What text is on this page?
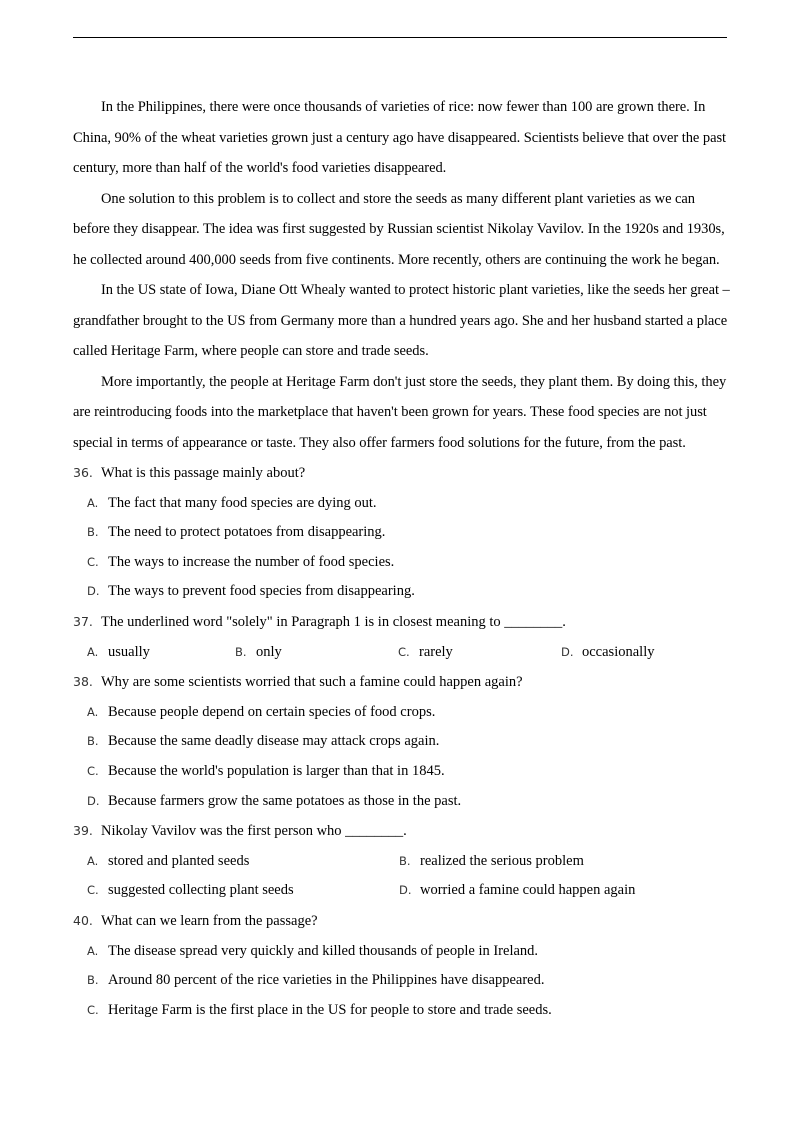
In the Philippines, there were once thousands of varieties of rice: now fewer than 100 are grown there. In China, 90% of the wheat varieties grown just a century ago have disappeared. Scientists believe that over the past century, more than half of the world's food varieties disappeared.

One solution to this problem is to collect and store the seeds as many different plant varieties as we can before they disappear. The idea was first suggested by Russian scientist Nikolay Vavilov. In the 1920s and 1930s, he collected around 400,000 seeds from five continents. More recently, others are continuing the work he began.

In the US state of Iowa, Diane Ott Whealy wanted to protect historic plant varieties, like the seeds her great – grandfather brought to the US from Germany more than a hundred years ago. She and her husband started a place called Heritage Farm, where people can store and trade seeds.

More importantly, the people at Heritage Farm don't just store the seeds, they plant them. By doing this, they are reintroducing foods into the marketplace that haven't been grown for years. These food species are not just special in terms of appearance or taste. They also offer farmers food solutions for the future, from the past.

36. What is this passage mainly about?
A. The fact that many food species are dying out.
B. The need to protect potatoes from disappearing.
C. The ways to increase the number of food species.
D. The ways to prevent food species from disappearing.
37. The underlined word "solely" in Paragraph 1 is in closest meaning to ________.
A. usually	B. only	C. rarely	D. occasionally
38. Why are some scientists worried that such a famine could happen again?
A. Because people depend on certain species of food crops.
B. Because the same deadly disease may attack crops again.
C. Because the world's population is larger than that in 1845.
D. Because farmers grow the same potatoes as those in the past.
39. Nikolay Vavilov was the first person who ________.
A. stored and planted seeds	B. realized the serious problem
C. suggested collecting plant seeds	D. worried a famine could happen again
40. What can we learn from the passage?
A. The disease spread very quickly and killed thousands of people in Ireland.
B. Around 80 percent of the rice varieties in the Philippines have disappeared.
C. Heritage Farm is the first place in the US for people to store and trade seeds.
